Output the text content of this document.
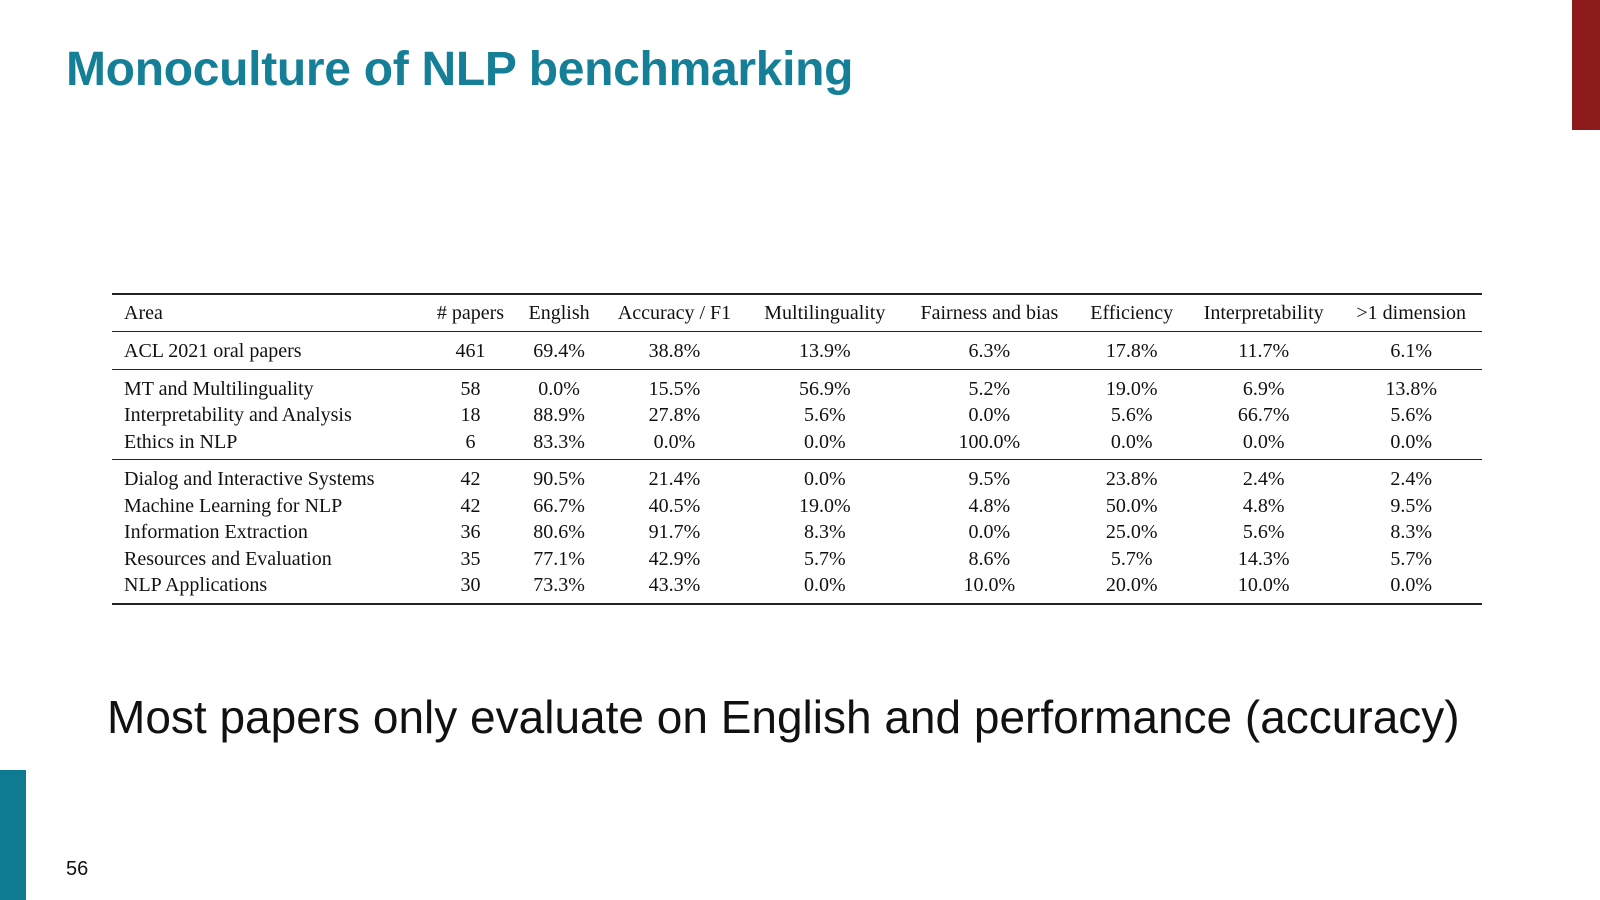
Monoculture of NLP benchmarking
Area	# papers	English	Accuracy / F1	Multilinguality	Fairness and bias	Efficiency	Interpretability	>1 dimension
ACL 2021 oral papers	461	69.4%	38.8%	13.9%	6.3%	17.8%	11.7%	6.1%
MT and Multilinguality	58	0.0%	15.5%	56.9%	5.2%	19.0%	6.9%	13.8%
Interpretability and Analysis	18	88.9%	27.8%	5.6%	0.0%	5.6%	66.7%	5.6%
Ethics in NLP	6	83.3%	0.0%	0.0%	100.0%	0.0%	0.0%	0.0%
Dialog and Interactive Systems	42	90.5%	21.4%	0.0%	9.5%	23.8%	2.4%	2.4%
Machine Learning for NLP	42	66.7%	40.5%	19.0%	4.8%	50.0%	4.8%	9.5%
Information Extraction	36	80.6%	91.7%	8.3%	0.0%	25.0%	5.6%	8.3%
Resources and Evaluation	35	77.1%	42.9%	5.7%	8.6%	5.7%	14.3%	5.7%
NLP Applications	30	73.3%	43.3%	0.0%	10.0%	20.0%	10.0%	0.0%

Most papers only evaluate on English and performance (accuracy)

56
